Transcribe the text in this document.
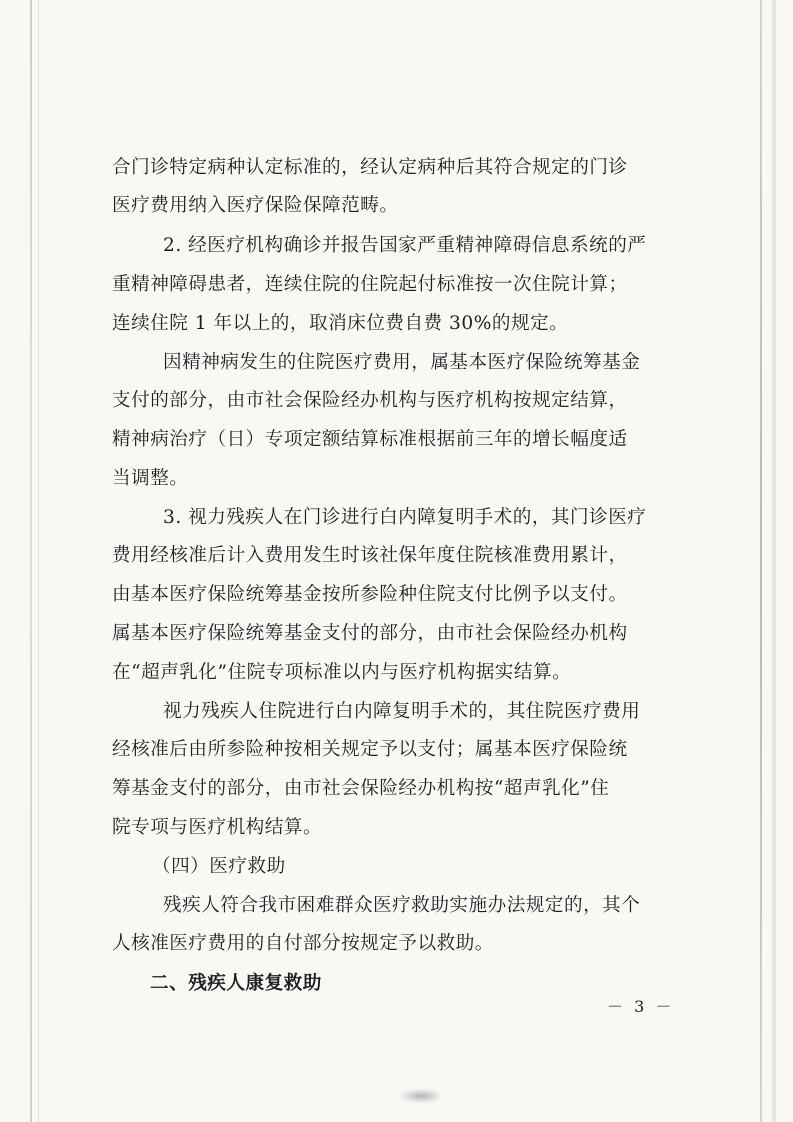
合门诊特定病种认定标准的，经认定病种后其符合规定的门诊
医疗费用纳入医疗保险保障范畴。
2. 经医疗机构确诊并报告国家严重精神障碍信息系统的严
重精神障碍患者，连续住院的住院起付标准按一次住院计算；
连续住院 1 年以上的，取消床位费自费 30%的规定。
因精神病发生的住院医疗费用，属基本医疗保险统筹基金
支付的部分，由市社会保险经办机构与医疗机构按规定结算，
精神病治疗（日）专项定额结算标准根据前三年的增长幅度适
当调整。
3. 视力残疾人在门诊进行白内障复明手术的，其门诊医疗
费用经核准后计入费用发生时该社保年度住院核准费用累计，
由基本医疗保险统筹基金按所参险种住院支付比例予以支付。
属基本医疗保险统筹基金支付的部分，由市社会保险经办机构
在“超声乳化”住院专项标准以内与医疗机构据实结算。
视力残疾人住院进行白内障复明手术的，其住院医疗费用
经核准后由所参险种按相关规定予以支付；属基本医疗保险统
筹基金支付的部分，由市社会保险经办机构按“超声乳化”住
院专项与医疗机构结算。
（四）医疗救助
残疾人符合我市困难群众医疗救助实施办法规定的，其个
人核准医疗费用的自付部分按规定予以救助。
二、残疾人康复救助
－ 3 －
